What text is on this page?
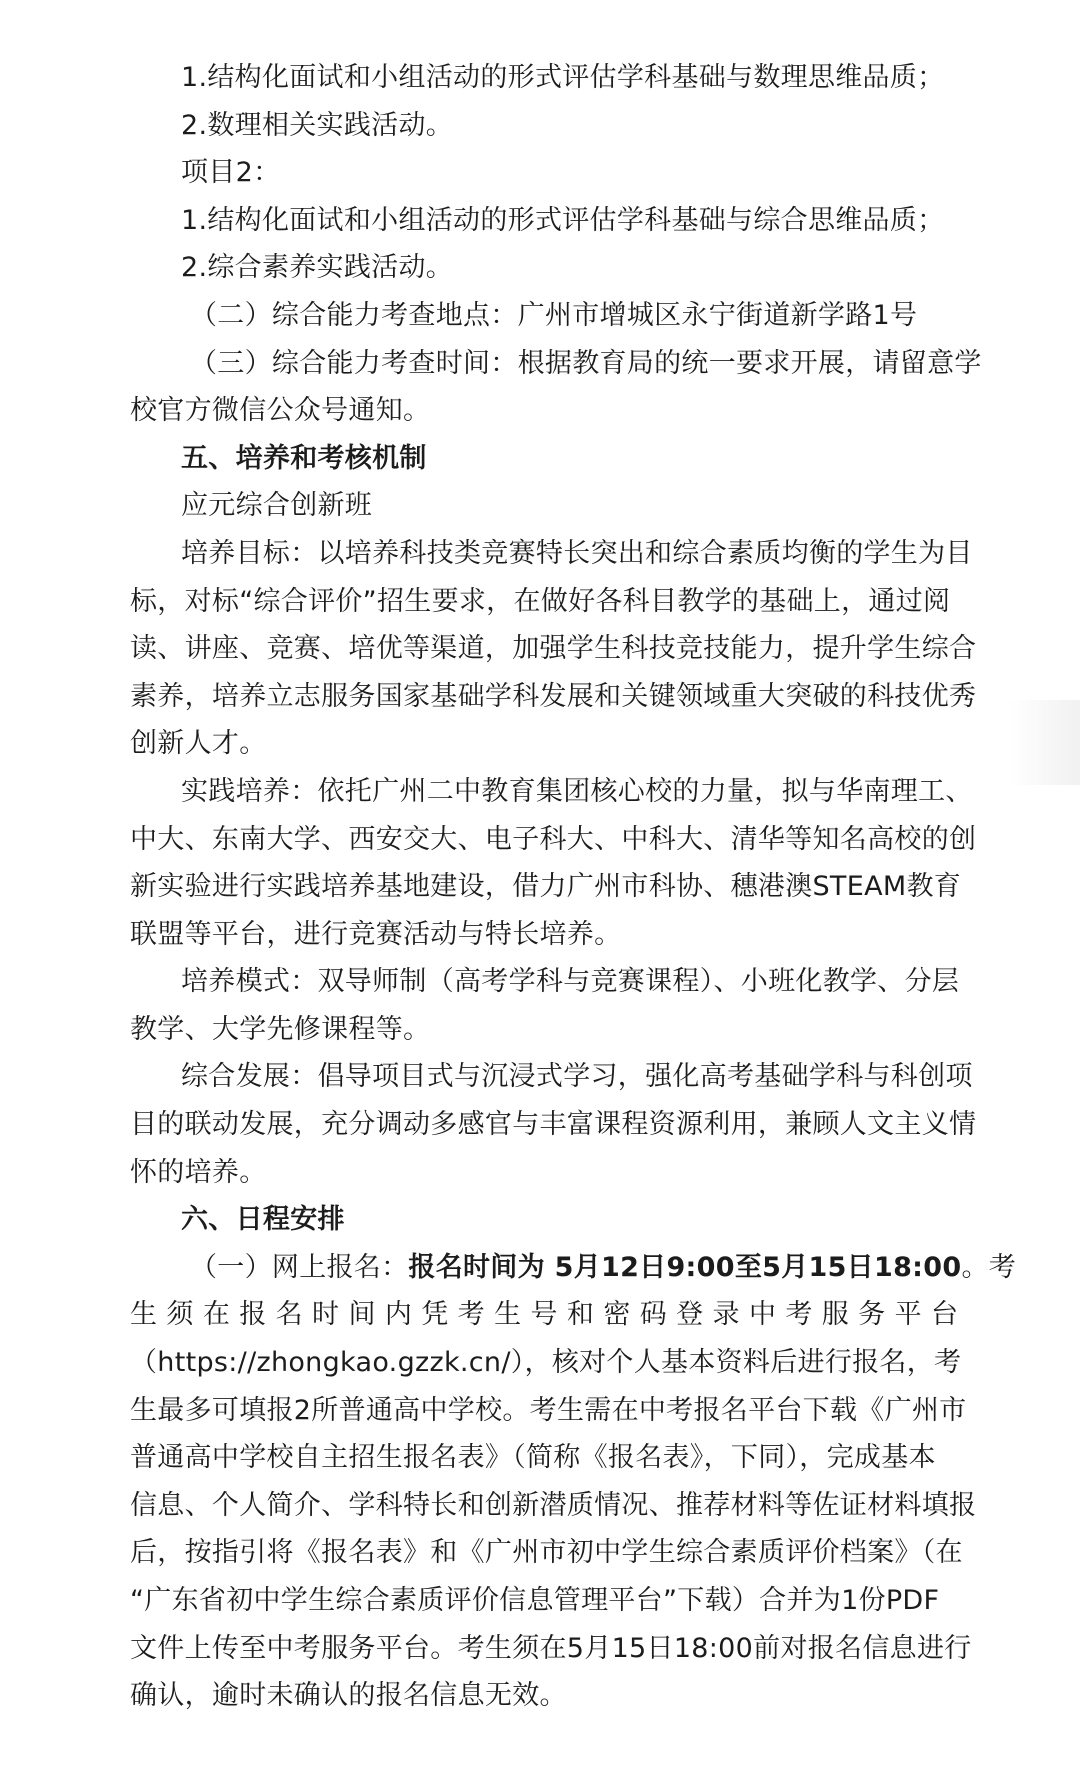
1.结构化面试和小组活动的形式评估学科基础与数理思维品质；
2.数理相关实践活动。
项目2：
1.结构化面试和小组活动的形式评估学科基础与综合思维品质；
2.综合素养实践活动。
（二）综合能力考查地点：广州市增城区永宁街道新学路1号
（三）综合能力考查时间：根据教育局的统一要求开展，请留意学
校官方微信公众号通知。
五、培养和考核机制
应元综合创新班
培养目标：以培养科技类竞赛特长突出和综合素质均衡的学生为目
标，对标“综合评价”招生要求，在做好各科目教学的基础上，通过阅
读、讲座、竞赛、培优等渠道，加强学生科技竞技能力，提升学生综合
素养，培养立志服务国家基础学科发展和关键领域重大突破的科技优秀
创新人才。
实践培养：依托广州二中教育集团核心校的力量，拟与华南理工、
中大、东南大学、西安交大、电子科大、中科大、清华等知名高校的创
新实验进行实践培养基地建设，借力广州市科协、穗港澳STEAM教育
联盟等平台，进行竞赛活动与特长培养。
培养模式：双导师制（高考学科与竞赛课程）、小班化教学、分层
教学、大学先修课程等。
综合发展：倡导项目式与沉浸式学习，强化高考基础学科与科创项
目的联动发展，充分调动多感官与丰富课程资源利用，兼顾人文主义情
怀的培养。
六、日程安排
（一）网上报名：报名时间为 5月12日9:00至5月15日18:00。考
生须在报名时间内凭考生号和密码登录中考服务平台
（https://zhongkao.gzzk.cn/），核对个人基本资料后进行报名，考
生最多可填报2所普通高中学校。考生需在中考报名平台下载《广州市
普通高中学校自主招生报名表》（简称《报名表》，下同），完成基本
信息、个人简介、学科特长和创新潜质情况、推荐材料等佐证材料填报
后，按指引将《报名表》和《广州市初中学生综合素质评价档案》（在
“广东省初中学生综合素质评价信息管理平台”下载）合并为1份PDF
文件上传至中考服务平台。考生须在5月15日18:00前对报名信息进行
确认，逾时未确认的报名信息无效。
